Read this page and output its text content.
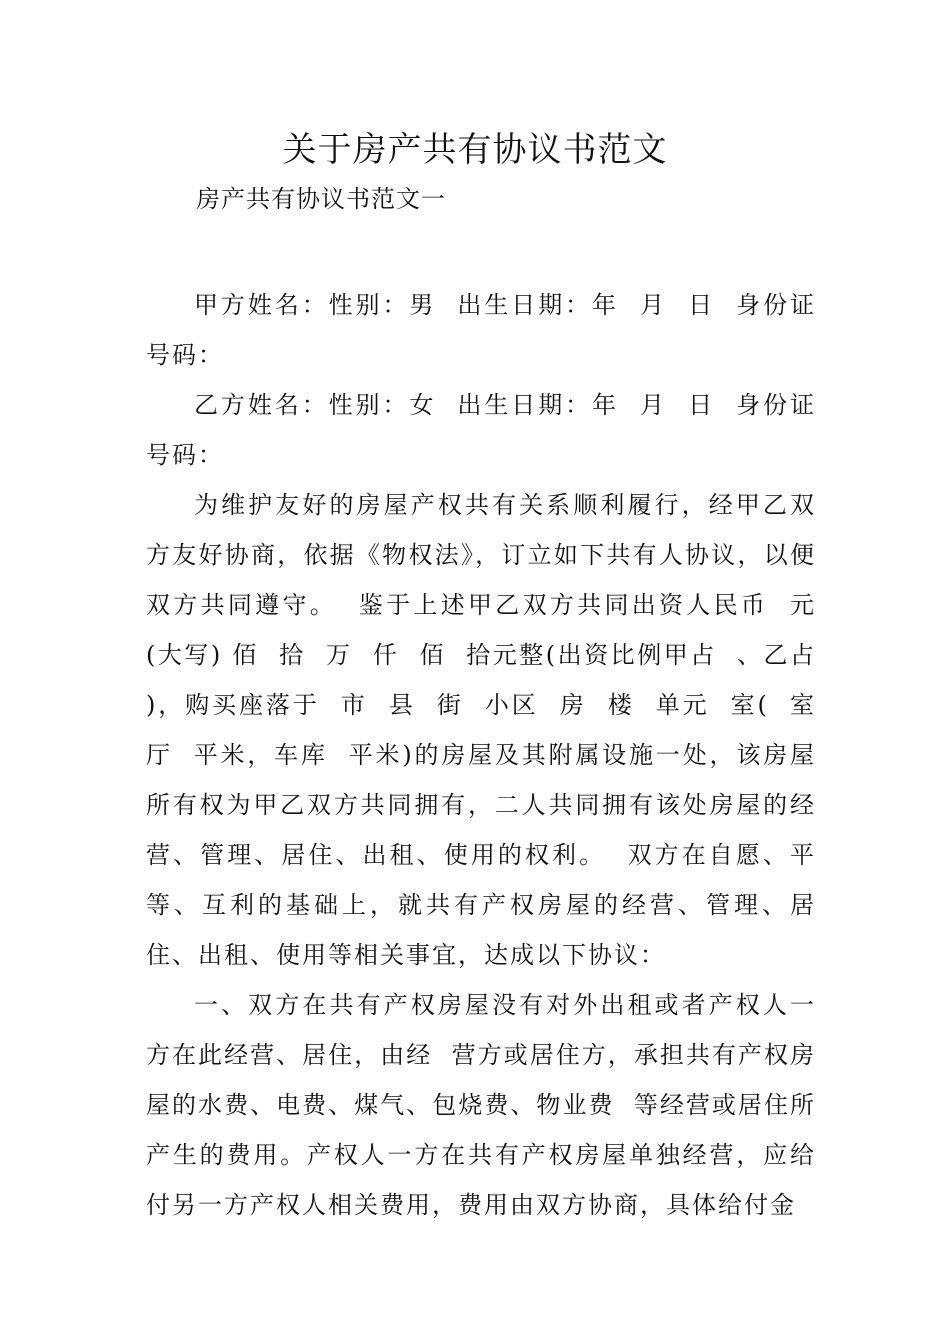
关于房产共有协议书范文
房产共有协议书范文一

甲方姓名：性别：男  出生日期：年  月  日  身份证号码：

乙方姓名：性别：女  出生日期：年  月  日  身份证号码：

为维护友好的房屋产权共有关系顺利履行，经甲乙双方友好协商，依据《物权法》，订立如下共有人协议，以便双方共同遵守。  鉴于上述甲乙双方共同出资人民币  元(大写) 佰  拾  万  仟  佰  拾元整(出资比例甲占  、乙占  )，购买座落于  市  县  街  小区  房  楼  单元  室(  室  厅  平米，车库  平米)的房屋及其附属设施一处，该房屋所有权为甲乙双方共同拥有，二人共同拥有该处房屋的经营、管理、居住、出租、使用的权利。  双方在自愿、平等、互利的基础上，就共有产权房屋的经营、管理、居住、出租、使用等相关事宜，达成以下协议：

一、双方在共有产权房屋没有对外出租或者产权人一方在此经营、居住，由经  营方或居住方，承担共有产权房屋的水费、电费、煤气、包烧费、物业费  等经营或居住所产生的费用。产权人一方在共有产权房屋单独经营，应给付另一方产权人相关费用，费用由双方协商，具体给付金
